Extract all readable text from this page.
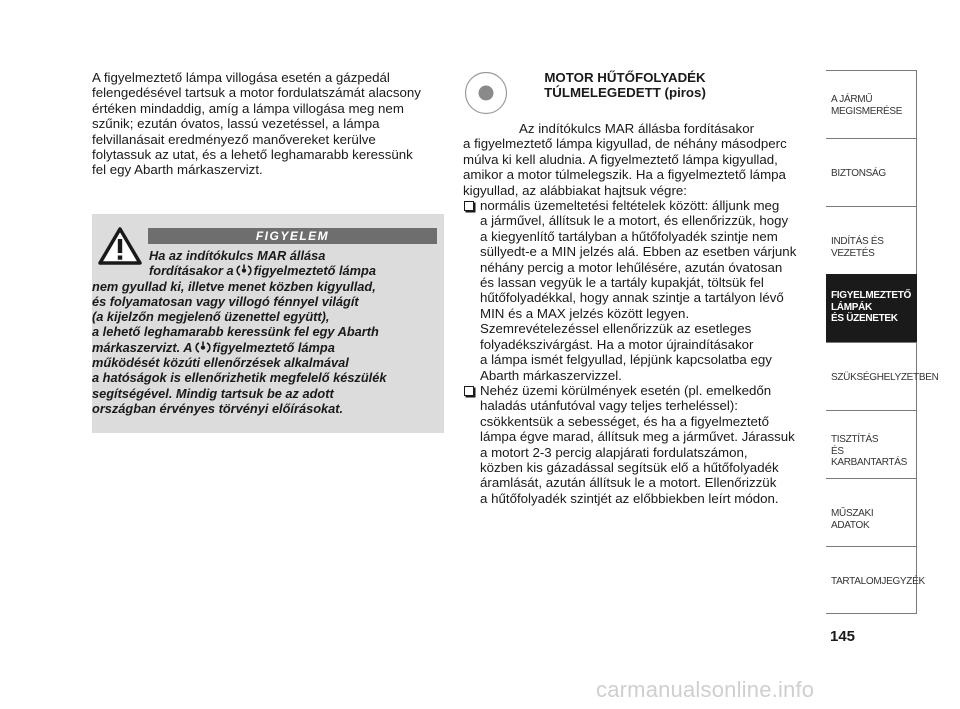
A figyelmeztető lámpa villogása esetén a gázpedál
felengedésével tartsuk a motor fordulatszámát alacsony
értéken mindaddig, amíg a lámpa villogása meg nem
szűnik; ezután óvatos, lassú vezetéssel, a lámpa
felvillanásait eredményező manővereket kerülve
folytassuk az utat, és a lehető leghamarabb keressünk
fel egy Abarth márkaszervizt.
FIGYELEM
Ha az indítókulcs MAR állása
fordításakor a figyelmeztető lámpa
nem gyullad ki, illetve menet közben kigyullad,
és folyamatosan vagy villogó fénnyel világít
(a kijelzőn megjelenő üzenettel együtt),
a lehető leghamarabb keressünk fel egy Abarth
márkaszervizt. A figyelmeztető lámpa
működését közúti ellenőrzések alkalmával
a hatóságok is ellenőrizhetik megfelelő készülék
segítségével. Mindig tartsuk be az adott
országban érvényes törvényi előírásokat.
MOTOR HŰTŐFOLYADÉK
TÚLMELEGEDETT (piros)
Az indítókulcs MAR állásba fordításakor
a figyelmeztető lámpa kigyullad, de néhány másodperc
múlva ki kell aludnia. A figyelmeztető lámpa kigyullad,
amikor a motor túlmelegszik. Ha a figyelmeztető lámpa
kigyullad, az alábbiakat hajtsuk végre:
normális üzemeltetési feltételek között: álljunk meg
a járművel, állítsuk le a motort, és ellenőrizzük, hogy
a kiegyenlítő tartályban a hűtőfolyadék szintje nem
süllyedt-e a MIN jelzés alá. Ebben az esetben várjunk
néhány percig a motor lehűlésére, azután óvatosan
és lassan vegyük le a tartály kupakját, töltsük fel
hűtőfolyadékkal, hogy annak szintje a tartályon lévő
MIN és a MAX jelzés között legyen.
Szemrevételezéssel ellenőrizzük az esetleges
folyadékszivárgást. Ha a motor újraindításakor
a lámpa ismét felgyullad, lépjünk kapcsolatba egy
Abarth márkaszervizzel.
Nehéz üzemi körülmények esetén (pl. emelkedőn
haladás utánfutóval vagy teljes terheléssel):
csökkentsük a sebességet, és ha a figyelmeztető
lámpa égve marad, állítsuk meg a járművet. Járassuk
a motort 2-3 percig alapjárati fordulatszámon,
közben kis gázadással segítsük elő a hűtőfolyadék
áramlását, azután állítsuk le a motort. Ellenőrizzük
a hűtőfolyadék szintjét az előbbiekben leírt módon.
A JÁRMŰ
MEGISMERÉSE
BIZTONSÁG
INDÍTÁS ÉS VEZETÉS
FIGYELMEZTETŐ
LÁMPÁK
ÉS ÜZENETEK
SZÜKSÉGHELYZETBEN
TISZTÍTÁS
ÉS KARBANTARTÁS
MŰSZAKI ADATOK
TARTALOMJEGYZÉK
145
carmanualsonline.info
